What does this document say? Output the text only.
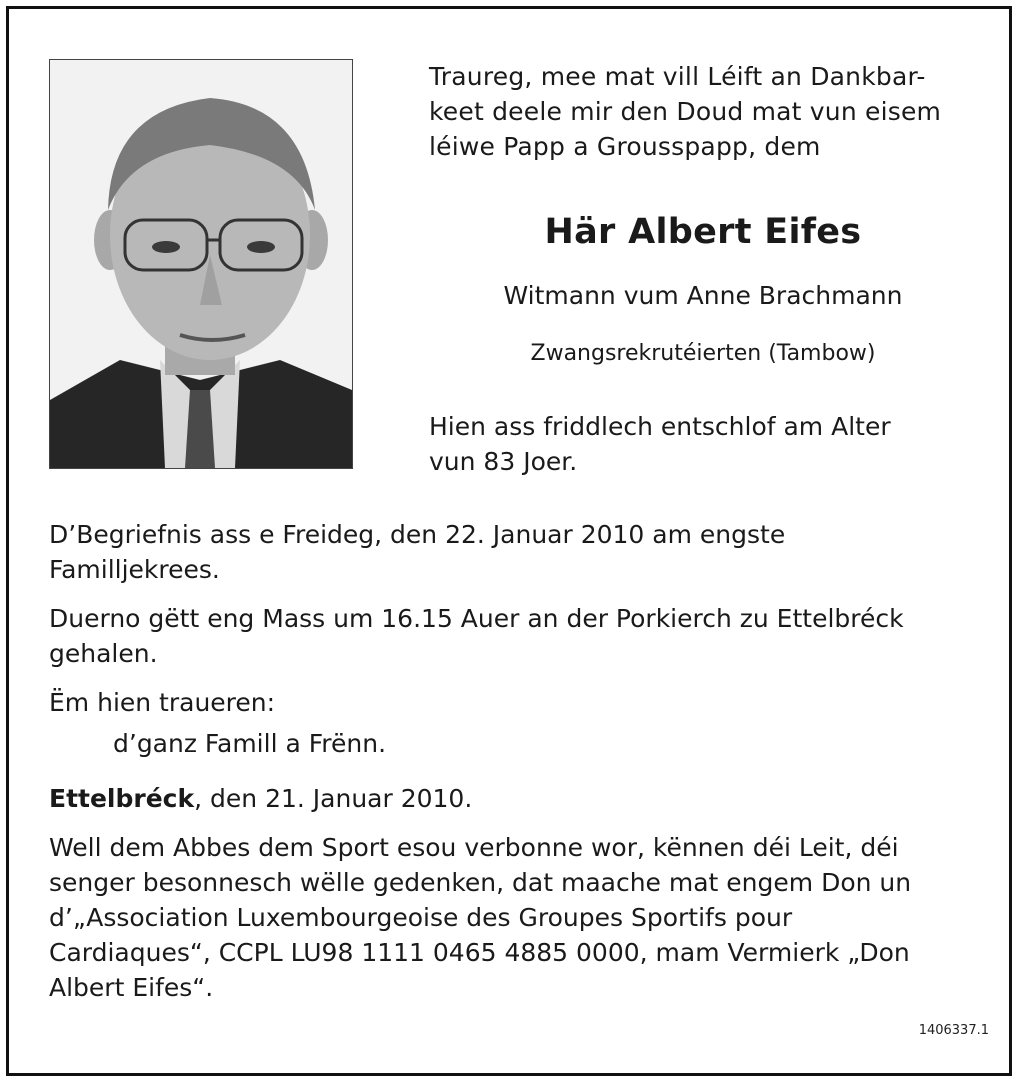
Traureg, mee mat vill Léift an Dankbar-

keet deele mir den Doud mat vun eisem

léiwe Papp a Grousspapp, dem

Här Albert Eifes
Witmann vum Anne Brachmann
Zwangsrekrutéierten (Tambow)

Hien ass friddlech entschlof am Alter

vun 83 Joer.

D’Begriefnis ass e Freideg, den 22. Januar 2010 am engste
Familljekrees.

Duerno gëtt eng Mass um 16.15 Auer an der Porkierch zu Ettelbréck
gehalen.

Ëm hien traueren:

d’ganz Famill a Frënn.

Ettelbréck, den 21. Januar 2010.

Well dem Abbes dem Sport esou verbonne wor, kënnen déi Leit, déi
senger besonnesch wëlle gedenken, dat maache mat engem Don un
d’„Association Luxembourgeoise des Groupes Sportifs pour
Cardiaques“, CCPL LU98 1111 0465 4885 0000, mam Vermierk „Don
Albert Eifes“.

1406337.1
